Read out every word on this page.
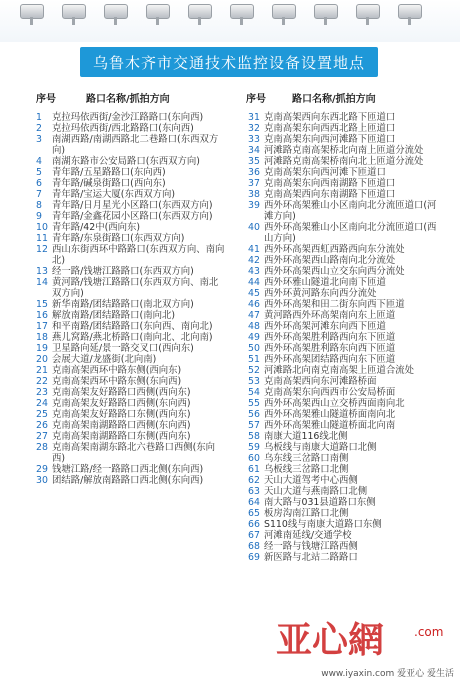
乌鲁木齐市交通技术监控设备设置地点
序号	路口名称/抓拍方向	序号	路口名称/抓拍方向
1	克拉玛依西街/金沙江路路口(东向西)
2	克拉玛依西街/西北路路口(东向西)
3	南湖西路/南湖西路北二巷路口(东西双方向)
4	南湖东路市公安局路口(东西双方向)
5	青年路/五星路路口(东向西)
6	青年路/碱泉街路口(西向东)
7	青年路/宝运大厦(东西双方向)
8	青年路/日月星光小区路口(东西双方向)
9	青年路/金鑫花园小区路口(东西双方向)
10 青年路/42中(西向东)
11 青年路/东泉街路口(东西双方向)
12 西山东街西环中路路口(东西双方向、南向北)
13 经一路/钱塘江路路口(东西双方向)
14 黄河路/钱塘江路路口(东西双方向、南北双方向)
15 新华南路/团结路路口(南北双方向)
16 解放南路/团结路路口(南向北)
17 和平南路/团结路路口(东向西、南向北)
18 燕儿窝路/燕北桥路口(南向北、北向南)
19 卫星路向延/景一路交叉口(西向东)
20 会展大道/龙盛街(北向南)
21 克南高架西环中路东侧(西向东)
22 克南高架西环中路东侧(东向西)
23 克南高架友好路路口西侧(西向东)
24 克南高架友好路路口西侧(东向西)
25 克南高架友好路路口东侧(西向东)
26 克南高架南湖路路口西侧(东向西)
27 克南高架南湖路路口东侧(西向东)
28 克南高架南湖东路北六巷路口西侧(东向西)
29 钱塘江路/经一路路口西北侧(东向西)
30 团结路/解放南路路口西北侧(东向西)
31 克南高架西向东西北路下匝道口
32 克南高架东向西西北路上匝道口
33 克南高架东向西河滩路下匝道口
34 河滩路克南高架桥北向南上匝道分流处
35 河滩路克南高架桥南向北上匝道分流处
36 克南高架东向西河滩下匝道口
37 克南高架东向西南湖路下匝道口
38 克南高架西向东南湖路下匝道口
39 西外环高架雅山小区南向北分流匝道口(河滩方向)
40 西外环高架雅山小区南向北分流匝道口(西山方向)
41 西外环高架西虹西路西向东分流处
42 西外环高架西山路南向北分流处
43 西外环高架西山立交东向西分流处
44 西外环雅山隧道北向南下匝道
45 西外环黄河路东向西分流处
46 西外环高架和田二街东向西下匝道
47 黄河路西外环高架南向东上匝道
48 西外环高架河滩东向西下匝道
49 西外环高架胜利路西向东下匝道
50 西外环高架胜利路东向西下匝道
51 西外环高架团结路西向东下匝道
52 河滩路北向南克南高架上匝道合流处
53 克南高架西向东河滩路桥面
54 克南高架东向西西市公安局桥面
55 西外环高架西山立交桥西面南向北
56 西外环高架雅山隧道桥面南向北
57 西外环高架雅山隧道桥面北向南
58 南康大道116线北侧
59 乌板线与南康大道路口北侧
60 乌东线三岔路口南侧
61 乌板线三岔路口北侧
62 天山大道驾考中心西侧
63 天山大道与燕南路口北侧
64 南大路与031县道路口东侧
65 板房沟南江路口北侧
66 S110线与南康大道路口东侧
67 河滩南延线/交通学校
68 经一路与钱塘江路西侧
69 新医路与北站二路路口
亚心網 .com
www.iyaxin.com 爱亚心 爱生活
